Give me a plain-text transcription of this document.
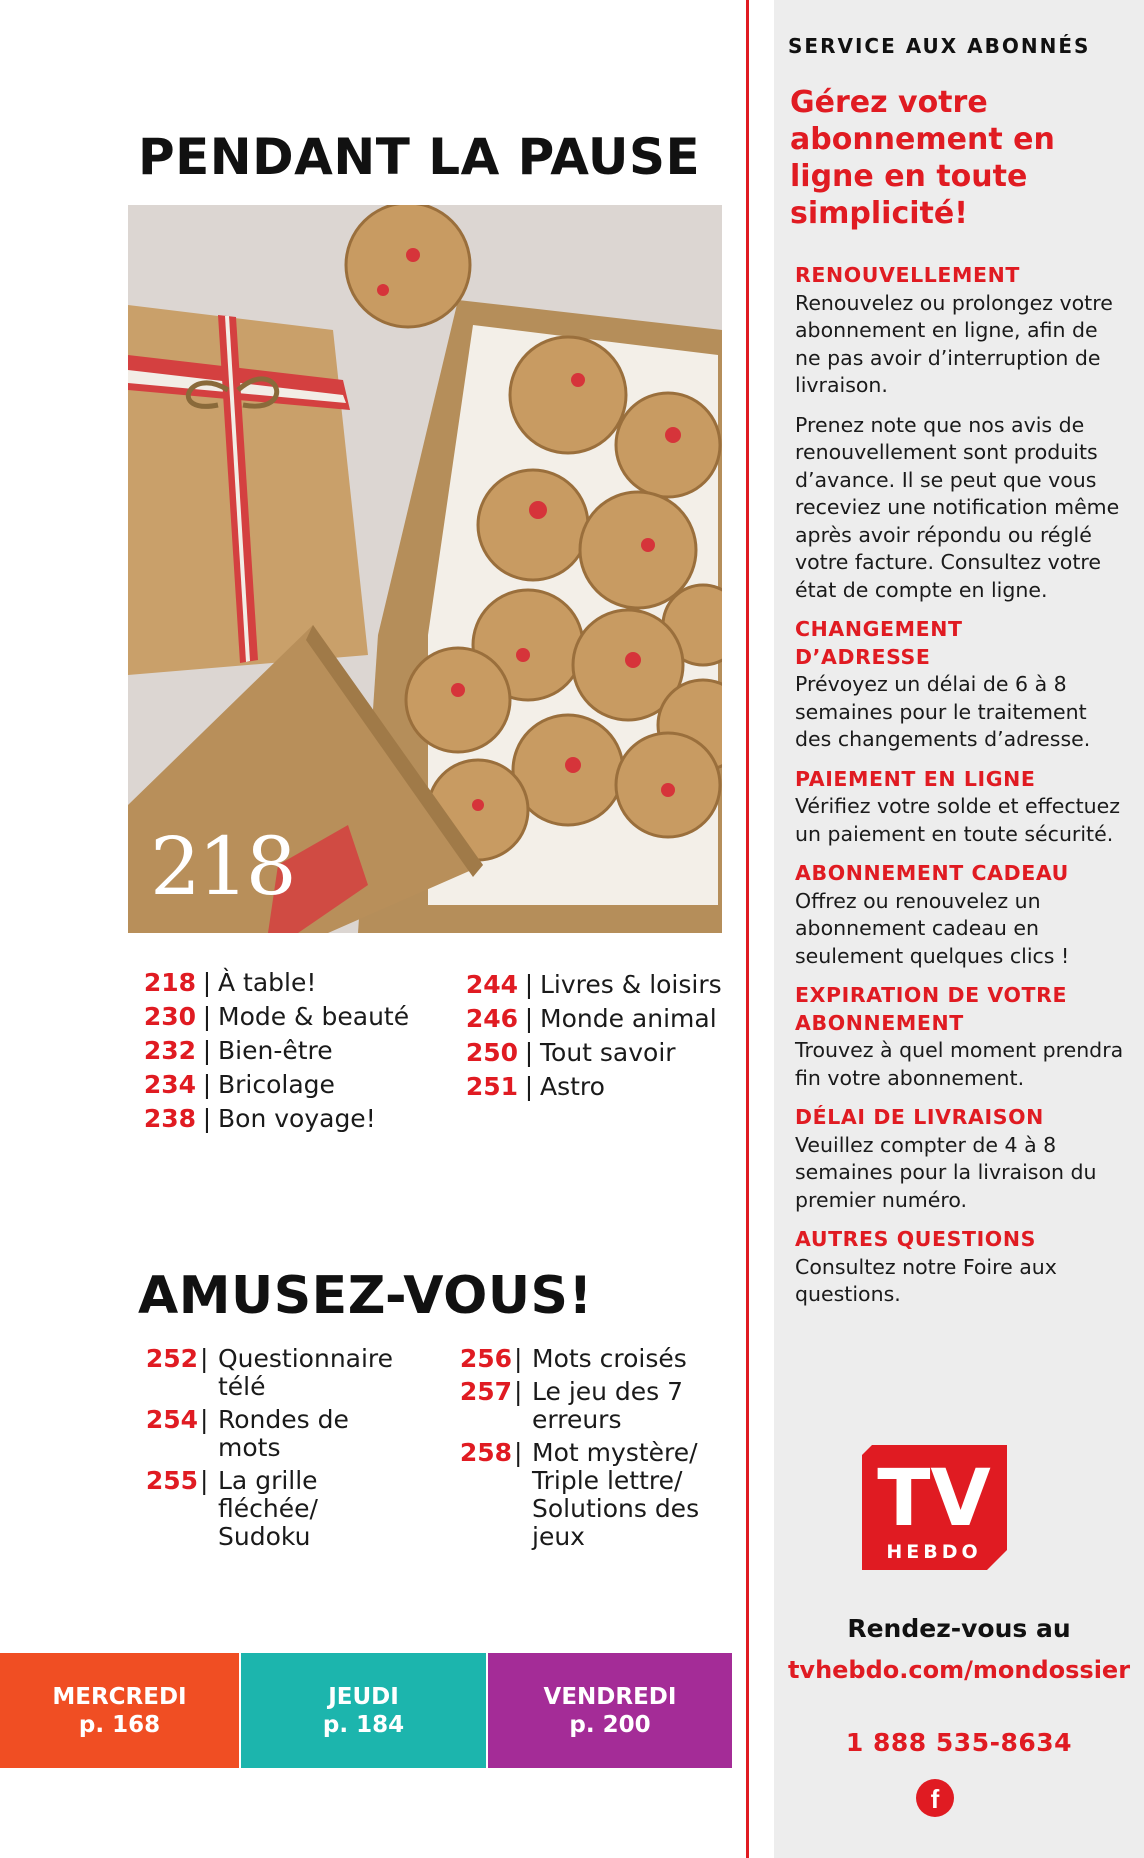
PENDANT LA PAUSE
218
218 | À table!
230 | Mode & beauté
232 | Bien-être
234 | Bricolage
238 | Bon voyage!
244 | Livres & loisirs
246 | Monde animal
250 | Tout savoir
251 | Astro
AMUSEZ-VOUS!
252 | Questionnaire télé
254 | Rondes de mots
255 | La grille fléchée/ Sudoku
256 | Mots croisés
257 | Le jeu des 7 erreurs
258 | Mot mystère/ Triple lettre/ Solutions des jeux
MERCREDI
p. 168
JEUDI
p. 184
VENDREDI
p. 200
SERVICE AUX ABONNÉS
Gérez votre abonnement en ligne en toute simplicité!
RENOUVELLEMENT

Renouvelez ou prolongez votre abonnement en ligne, afin de ne pas avoir d’interruption de livraison.

Prenez note que nos avis de renouvellement sont produits d’avance. Il se peut que vous receviez une notification même après avoir répondu ou réglé votre facture. Consultez votre état de compte en ligne.

CHANGEMENT D’ADRESSE

Prévoyez un délai de 6 à 8 semaines pour le traitement des changements d’adresse.

PAIEMENT EN LIGNE

Vérifiez votre solde et effectuez un paiement en toute sécurité.

ABONNEMENT CADEAU

Offrez ou renouvelez un abonnement cadeau en seulement quelques clics !

EXPIRATION DE VOTRE ABONNEMENT

Trouvez à quel moment prendra fin votre abonnement.

DÉLAI DE LIVRAISON

Veuillez compter de 4 à 8 semaines pour la livraison du premier numéro.

AUTRES QUESTIONS

Consultez notre Foire aux questions.

TV
HEBDO
Rendez-vous au
tvhebdo.com/mondossier
1 888 535-8634
f
